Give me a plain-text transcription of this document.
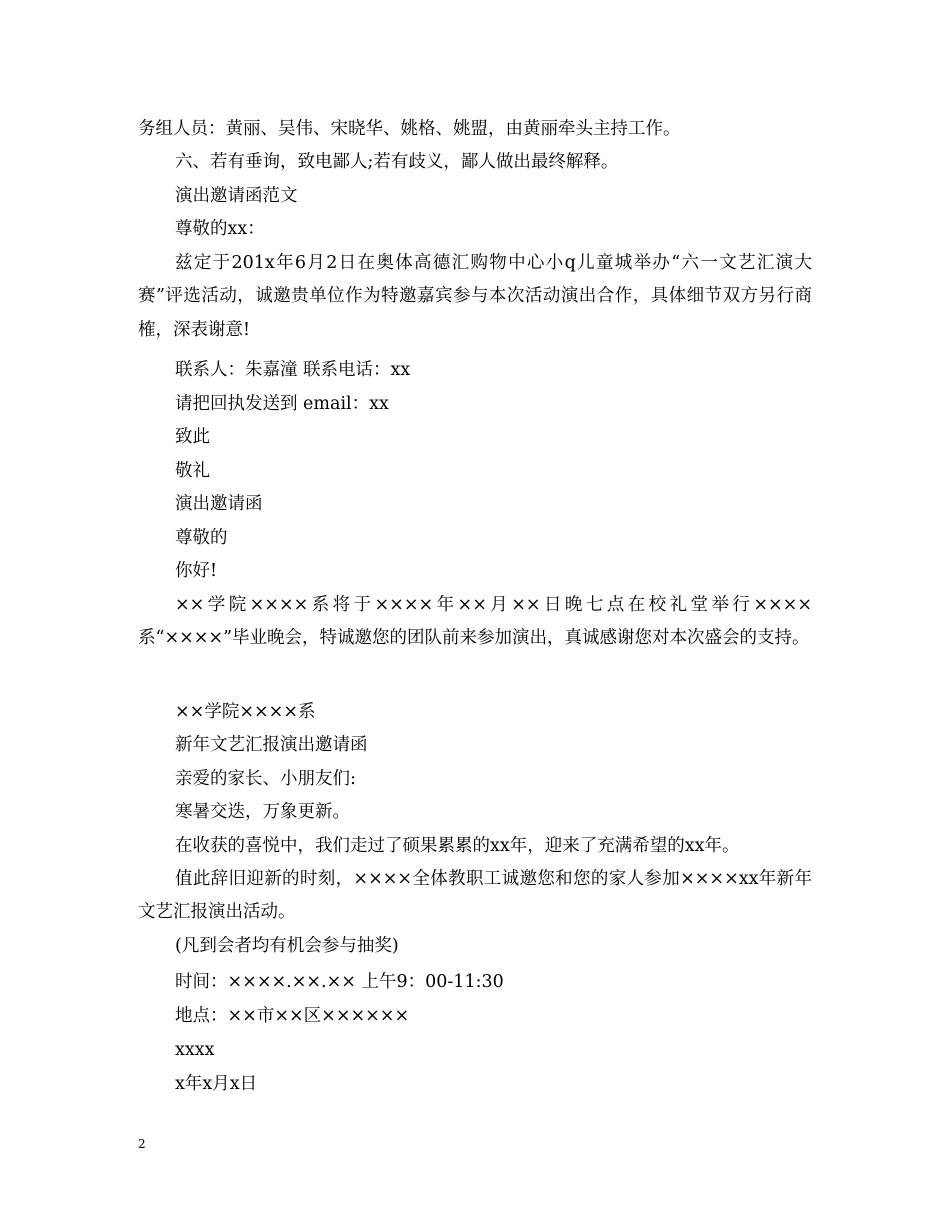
务组人员：黄丽、吴伟、宋晓华、姚格、姚盟，由黄丽牵头主持工作。
六、若有垂询，致电鄙人;若有歧义，鄙人做出最终解释。
演出邀请函范文
尊敬的xx：
兹定于201x年6月2日在奥体高德汇购物中心小q儿童城举办“六一文艺汇演大赛”评选活动，诚邀贵单位作为特邀嘉宾参与本次活动演出合作，具体细节双方另行商榷，深表谢意!
联系人：朱嘉潼 联系电话：xx
请把回执发送到 email：xx
致此
敬礼
演出邀请函
尊敬的
你好!
××学院××××系将于××××年××月××日晚七点在校礼堂举行××××系“××××”毕业晚会，特诚邀您的团队前来参加演出，真诚感谢您对本次盛会的支持。
××学院××××系
新年文艺汇报演出邀请函
亲爱的家长、小朋友们:
寒暑交迭，万象更新。
在收获的喜悦中，我们走过了硕果累累的xx年，迎来了充满希望的xx年。
值此辞旧迎新的时刻，××××全体教职工诚邀您和您的家人参加××××xx年新年文艺汇报演出活动。
(凡到会者均有机会参与抽奖)
时间：××××.××.×× 上午9：00-11:30
地点：××市××区××××××
xxxx
x年x月x日
2
